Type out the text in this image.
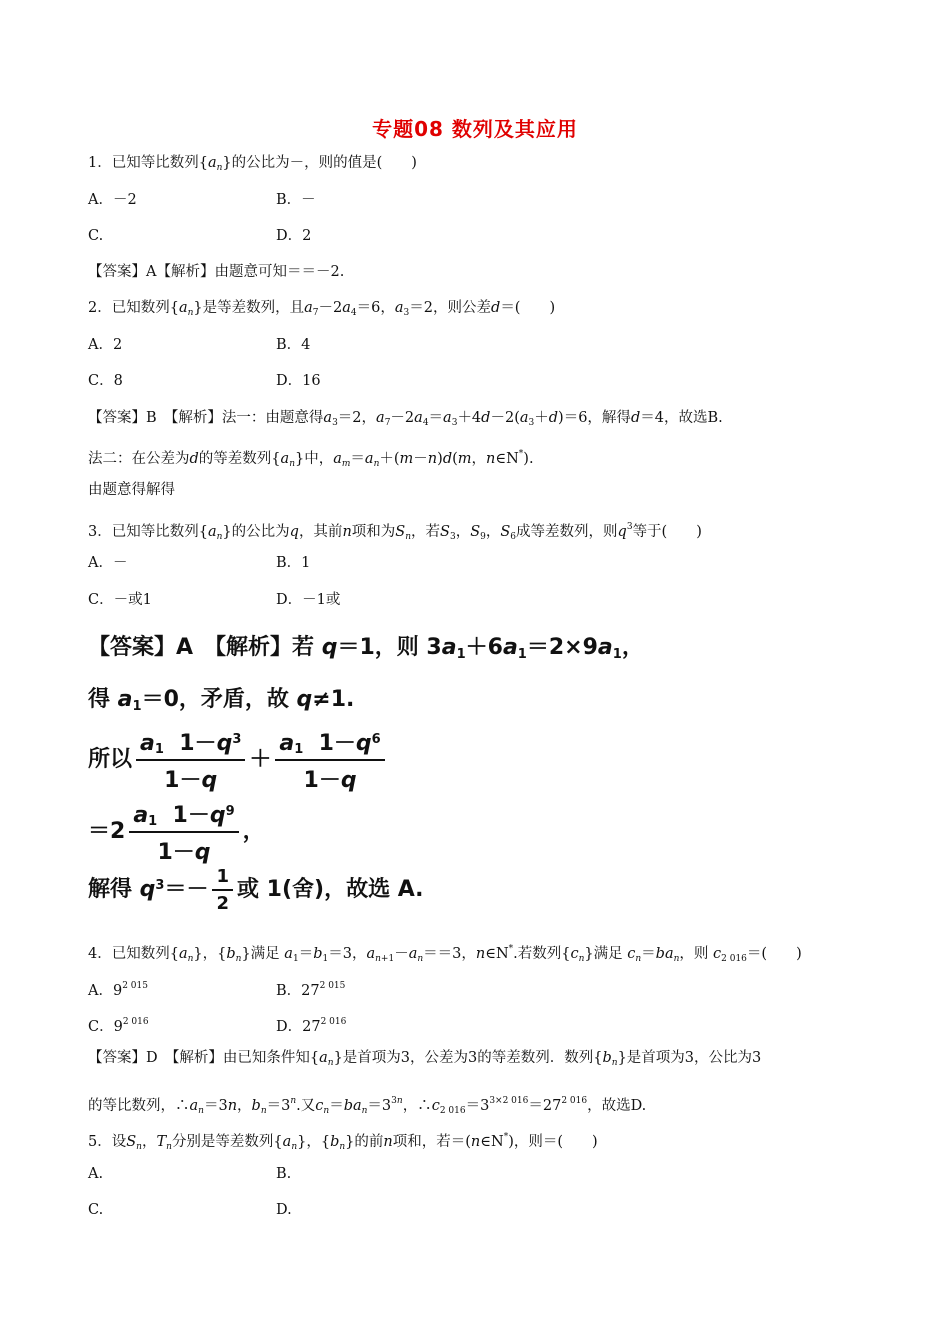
专题08 数列及其应用
1．已知等比数列$\{a_n\}$的公比为－，则的值是(　　)
A．－2	B．－
C.	D．2
【答案】A【解析】由题意可知＝＝－2.
2．已知数列$\{a_n\}$是等差数列，且$a_7-2a_4=6$，$a_3=2$，则公差d＝(　　)
A．2	B．4
C．8	D．16
【答案】B　【解析】法一：由题意得$a_3=2$，$a_7-2a_4=a_3+4d-2(a_3+d)=6$，解得d＝4，故选B.
法二：在公差为d的等差数列$\{a_n\}$中，$a_m=a_n+(m-n)d(m$，n∈N*).
由题意得解得
3．已知等比数列$\{a_n\}$的公比为q，其前n项和为$S_n$，若$S_3$，$S_9$，$S_6$成等差数列，则$q^3$等于(　　)
A．－	B．1
C．－或1	D．－1或
【答案】A　【解析】若 q＝1，则 $3a_1+6a_1=2\times 9a_1$，
得 $a_1=0$，矛盾，故 q≠1.
所以 $\frac{a_1 1-q^3}{1-q} + \frac{a_1 1-q^6}{1-q}$
$=2 \frac{a_1 1-q^9}{1-q}$ ，
解得 $q^3=- \frac{1}{2}$ 或 1(舍)，故选 A.
4．已知数列$\{a_n\}$，$\{b_n\}$满足 $a_1=b_1=3$，$a_{n+1}-a_n==3$，n∈N*.若数列$\{c_n\}$满足 $c_n=ba_n$，则 $c_{2 016}=$(　　)
A．$9^{2 015}$	B．$27^{2 015}$
C．$9^{2 016}$	D．$27^{2 016}$
【答案】D　【解析】由已知条件知$\{a_n\}$是首项为3，公差为3的等差数列．数列$\{b_n\}$是首项为3，公比为3
的等比数列，$\therefore a_n=3n$，$b_n=3^n$.又$c_n=ba_n=3^{3n}$，$\therefore c_{2 016}=3^{3\times 2 016}=27^{2 016}$，故选D.
5．设$S_n$，$T_n$分别是等差数列$\{a_n\}$，$\{b_n\}$的前n项和，若＝(n∈N*)，则＝(　　)
A.	B.
C.	D.
